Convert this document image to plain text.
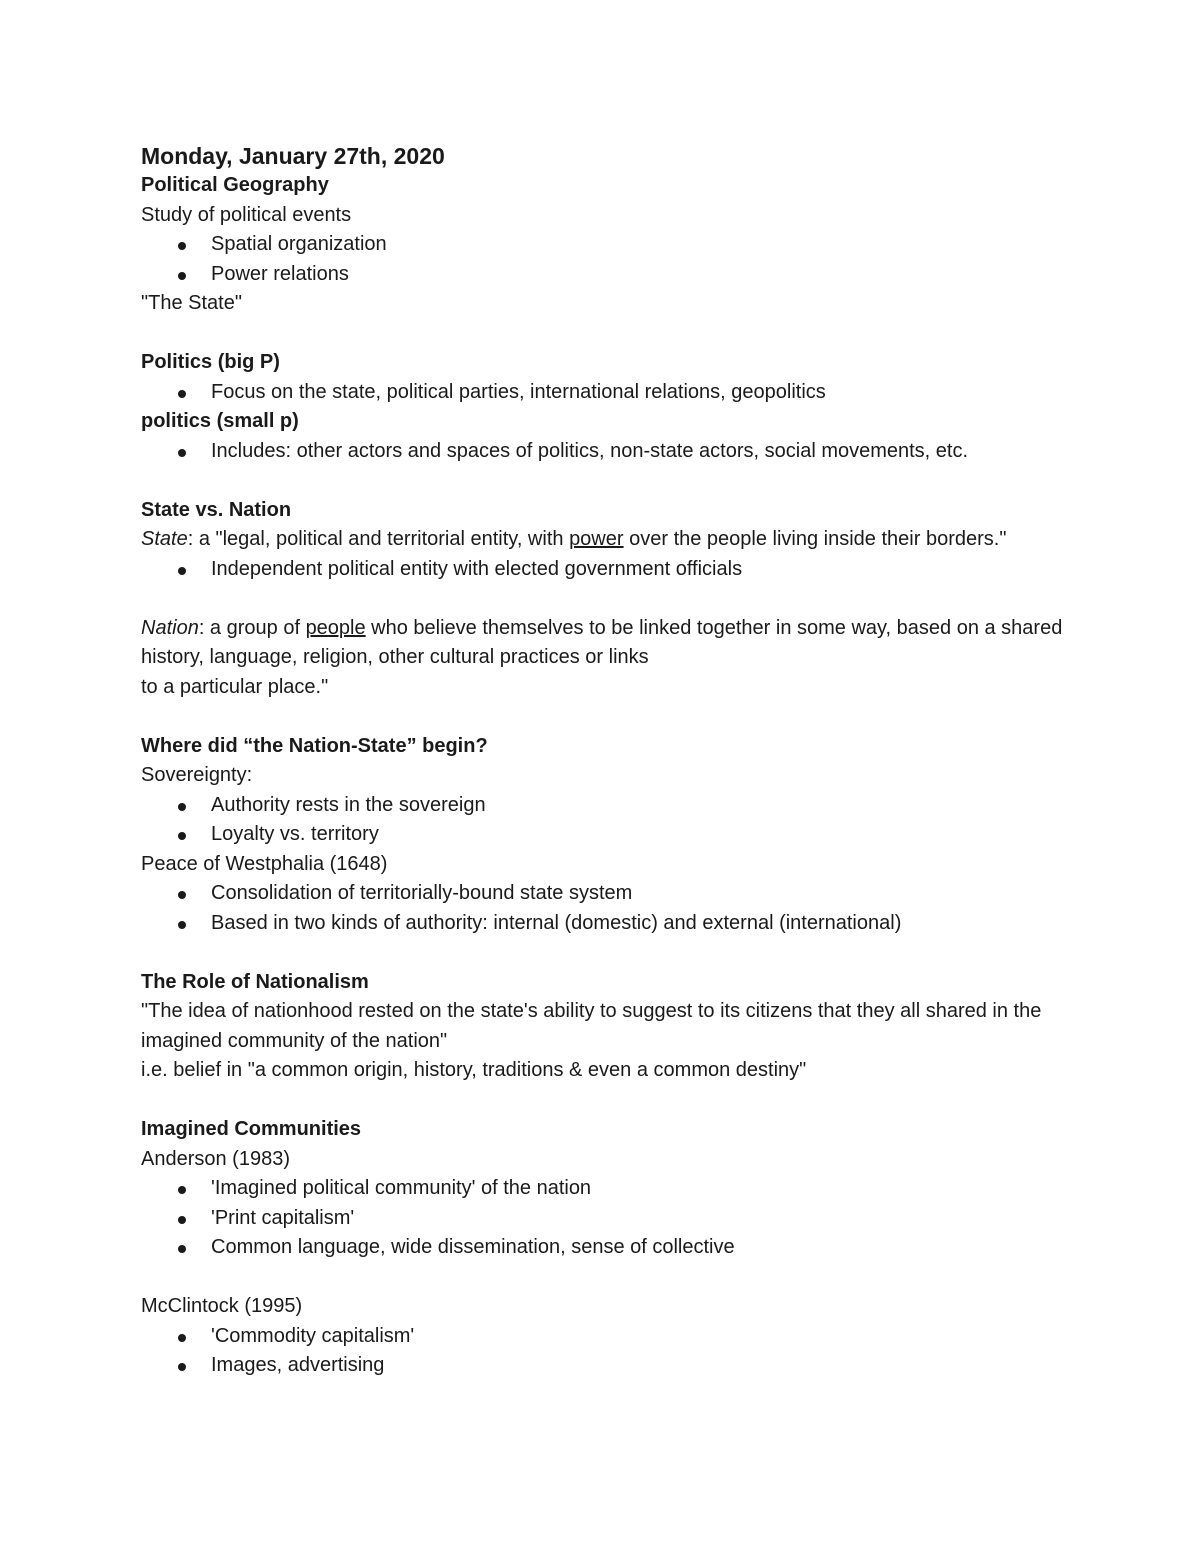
Monday, January 27th, 2020

Political Geography

Study of political events

Spatial organization
Power relations

"The State"

Politics (big P)

Focus on the state, political parties, international relations, geopolitics

politics (small p)

Includes: other actors and spaces of politics, non-state actors, social movements, etc.

State vs. Nation

State: a "legal, political and territorial entity, with power over the people living inside their borders."

Independent political entity with elected government officials

Nation: a group of people who believe themselves to be linked together in some way, based on a shared history, language, religion, other cultural practices or links

to a particular place."

Where did “the Nation-State” begin?

Sovereignty:

Authority rests in the sovereign
Loyalty vs. territory

Peace of Westphalia (1648)

Consolidation of territorially-bound state system
Based in two kinds of authority: internal (domestic) and external (international)

The Role of Nationalism

"The idea of nationhood rested on the state's ability to suggest to its citizens that they all shared in the imagined community of the nation"

i.e. belief in "a common origin, history, traditions & even a common destiny"

Imagined Communities

Anderson (1983)

'Imagined political community' of the nation
'Print capitalism'
Common language, wide dissemination, sense of collective

McClintock (1995)

'Commodity capitalism'
Images, advertising
